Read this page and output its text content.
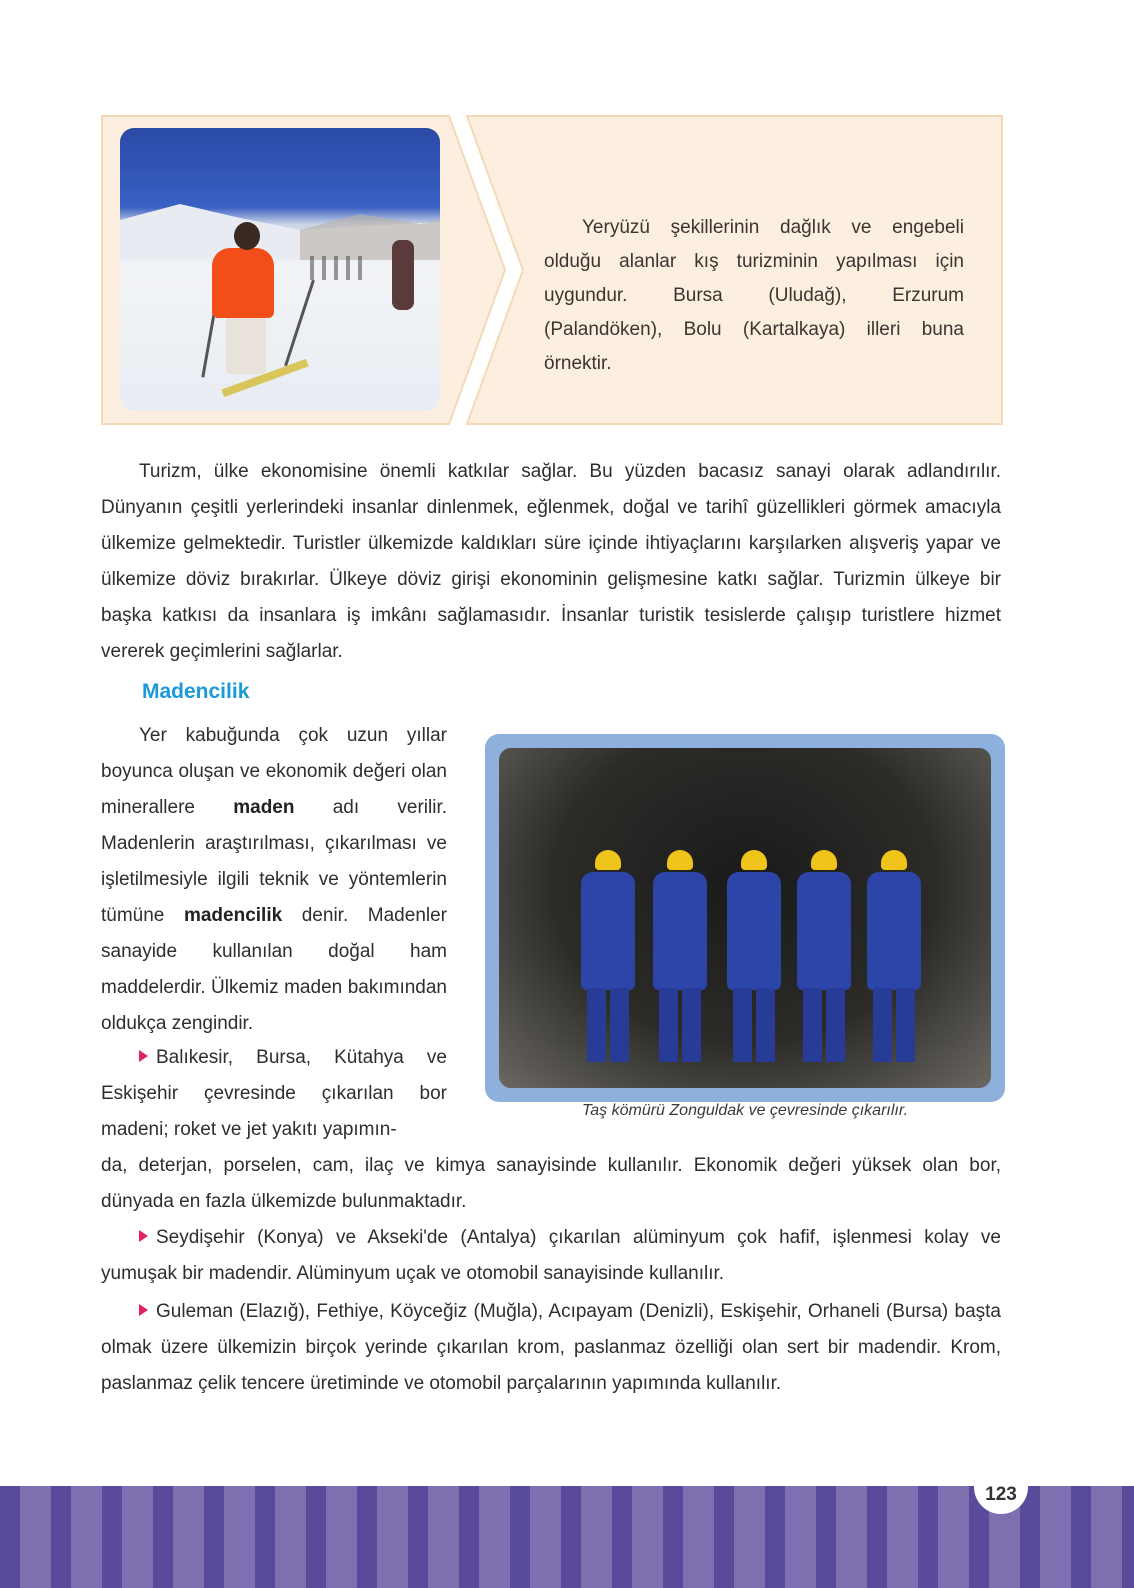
Yeryüzü şekillerinin dağlık ve engebeli olduğu alanlar kış turizminin yapılması için uygundur. Bursa (Uludağ), Erzurum (Palandöken), Bolu (Kartalkaya) illeri buna örnektir.

Turizm, ülke ekonomisine önemli katkılar sağlar. Bu yüzden bacasız sanayi olarak adlandırılır. Dünyanın çeşitli yerlerindeki insanlar dinlenmek, eğlenmek, doğal ve tarihî güzellikleri görmek amacıyla ülkemize gelmektedir. Turistler ülkemizde kaldıkları süre içinde ihtiyaçlarını karşılarken alışveriş yapar ve ülkemize döviz bırakırlar. Ülkeye döviz girişi ekonominin gelişmesine katkı sağlar. Turizmin ülkeye bir başka katkısı da insanlara iş imkânı sağlamasıdır. İnsanlar turistik tesislerde çalışıp turistlere hizmet vererek geçimlerini sağlarlar.

Madencilik

Yer kabuğunda çok uzun yıllar boyunca oluşan ve ekonomik değeri olan minerallere maden adı verilir. Madenlerin araştırılması, çıkarılması ve işletilmesiyle ilgili teknik ve yöntemlerin tümüne madencilik denir. Madenler sanayide kullanılan doğal ham maddelerdir. Ülkemiz maden bakımından oldukça zengindir.

Balıkesir, Bursa, Kütahya ve Eskişehir çevresinde çıkarılan bor madeni; roket ve jet yakıtı yapımın-

da, deterjan, porselen, cam, ilaç ve kimya sanayisinde kullanılır. Ekonomik değeri yüksek olan bor, dünyada en fazla ülkemizde bulunmaktadır.

Seydişehir (Konya) ve Akseki'de (Antalya) çıkarılan alüminyum çok hafif, işlenmesi kolay ve yumuşak bir madendir. Alüminyum uçak ve otomobil sanayisinde kullanılır.

Guleman (Elazığ), Fethiye, Köyceğiz (Muğla), Acıpayam (Denizli), Eskişehir, Orhaneli (Bursa) başta olmak üzere ülkemizin birçok yerinde çıkarılan krom, paslanmaz özelliği olan sert bir madendir. Krom, paslanmaz çelik tencere üretiminde ve otomobil parçalarının yapımında kullanılır.

Taş kömürü Zonguldak ve çevresinde çıkarılır.
123
